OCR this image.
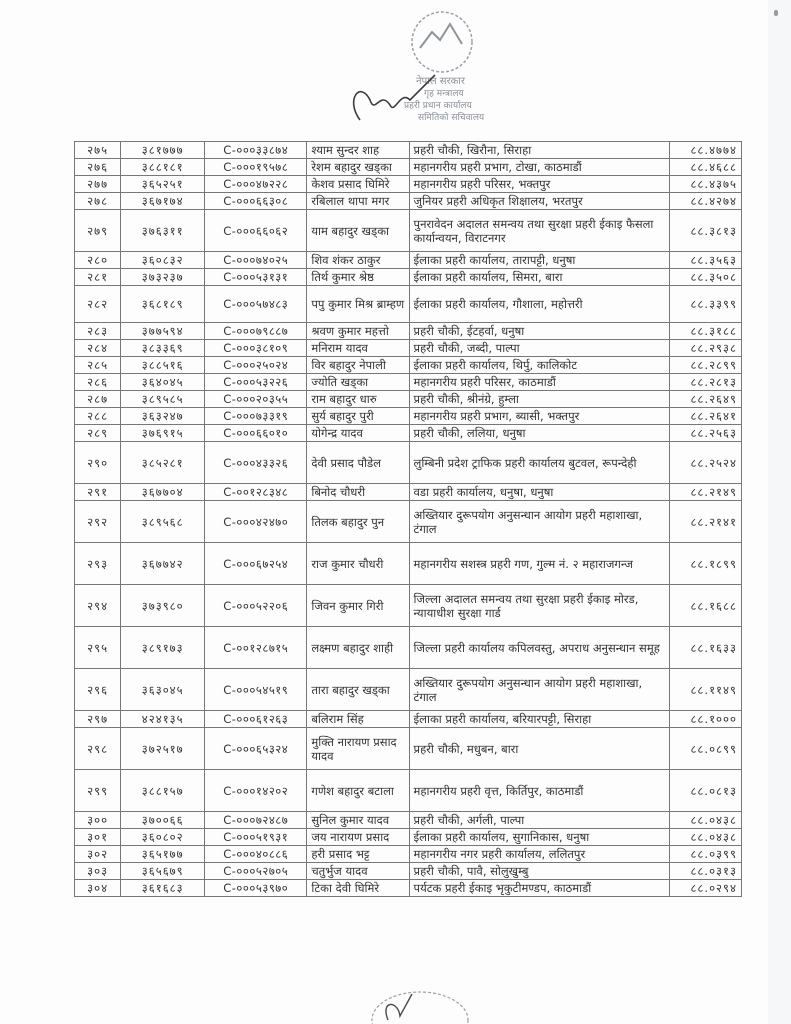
नेपाल सरकार
गृह मन्त्रालय
प्रहरी प्रधान कार्यालय
समितिको सचिवालय
२७५	३८१७७७	C-०००३३८७४	श्याम सुन्दर शाह	प्रहरी चौकी, खिरौना, सिराहा	८८.४७७४
२७६	३८८१८१	C-०००१९५७८	रेशम बहादुर खड्का	महानगरीय प्रहरी प्रभाग, टोखा, काठमाडौं	८८.४६८८
२७७	३६५२५१	C-०००४७२२८	केशव प्रसाद घिमिरे	महानगरीय प्रहरी परिसर, भक्तपुर	८८.४३७५
२७८	३६७१७४	C-०००६६३०८	रबिलाल थापा मगर	जुनियर प्रहरी अधिकृत शिक्षालय, भरतपुर	८८.४२७४
२७९	३७६३११	C-०००६६०६२	याम बहादुर खड्का	पुनरावेदन अदालत समन्वय तथा सुरक्षा प्रहरी ईकाइ फैसला कार्यान्वयन, विराटनगर	८८.३८१३
२८०	३६०८३२	C-०००७४०२५	शिव शंकर ठाकुर	ईलाका प्रहरी कार्यालय, तारापट्टी, धनुषा	८८.३५६३
२८१	३७३२३७	C-०००५३१३१	तिर्थ कुमार श्रेष्ठ	ईलाका प्रहरी कार्यालय, सिमरा, बारा	८८.३५०८
२८२	३६८१८९	C-०००५७४८३	पपु कुमार मिश्र ब्राम्हण	ईलाका प्रहरी कार्यालय, गौशाला, महोत्तरी	८८.३३९९
२८३	३७७५९४	C-०००७९८८७	श्रवण कुमार महत्तो	प्रहरी चौकी, ईटहर्वा, धनुषा	८८.३१८८
२८४	३८३३६९	C-०००३८१०९	मनिराम यादव	प्रहरी चौकी, जब्दी, पाल्पा	८८.२९३८
२८५	३८८५१६	C-०००२५०२४	विर बहादुर नेपाली	ईलाका प्रहरी कार्यालय, थिर्पु, कालिकोट	८८.२८९९
२८६	३६४०४५	C-०००५३२२६	ज्योति खड्का	महानगरीय प्रहरी परिसर, काठमाडौं	८८.२८१३
२८७	३८९५८५	C-०००२०३५५	राम बहादुर धारु	प्रहरी चौकी, श्रीनंग्रे, हुम्ला	८८.२६४९
२८८	३६३२४७	C-०००७३३१९	सुर्य बहादुर पुरी	महानगरीय प्रहरी प्रभाग, ब्यासी, भक्तपुर	८८.२६४१
२८९	३७६९१५	C-०००६६०१०	योगेन्द्र यादव	प्रहरी चौकी, ललिया, धनुषा	८८.२५६३
२९०	३८५२८१	C-०००४३३२६	देवी प्रसाद पौडेल	लुम्बिनी प्रदेश ट्राफिक प्रहरी कार्यालय बुटवल, रूपन्देही	८८.२५२४
२९१	३६७७०४	C-००१२८३४८	बिनोद चौधरी	वडा प्रहरी कार्यालय, धनुषा, धनुषा	८८.२१४९
२९२	३८९५६८	C-०००४२४७०	तिलक बहादुर पुन	अख्तियार दुरूपयोग अनुसन्धान आयोग प्रहरी महाशाखा, टंगाल	८८.२१४१
२९३	३६७७४२	C-०००६७२५४	राज कुमार चौधरी	महानगरीय सशस्त्र प्रहरी गण, गुल्म नं. २ महाराजगन्ज	८८.१८९९
२९४	३७३९८०	C-०००५२२०६	जिवन कुमार गिरी	जिल्ला अदालत समन्वय तथा सुरक्षा प्रहरी ईकाइ मोरड, न्यायाधीश सुरक्षा गार्ड	८८.१६८८
२९५	३८९१७३	C-००१२८७१५	लक्ष्मण बहादुर शाही	जिल्ला प्रहरी कार्यालय कपिलवस्तु, अपराध अनुसन्धान समूह	८८.१६३३
२९६	३६३०४५	C-०००५४५१९	तारा बहादुर खड्का	अख्तियार दुरूपयोग अनुसन्धान आयोग प्रहरी महाशाखा, टंगाल	८८.११४९
२९७	४२४१३५	C-०००६१२६३	बलिराम सिंह	ईलाका प्रहरी कार्यालय, बरियारपट्टी, सिराहा	८८.१०००
२९८	३७२५१७	C-०००६५३२४	मुक्ति नारायण प्रसाद यादव	प्रहरी चौकी, मधुबन, बारा	८८.०८९९
२९९	३८८१५७	C-०००१४२०२	गणेश बहादुर बटाला	महानगरीय प्रहरी वृत्त, किर्तिपुर, काठमाडौं	८८.०८१३
३००	३७००६६	C-०००७२४८७	सुनिल कुमार यादव	प्रहरी चौकी, अर्गली, पाल्पा	८८.०४३८
३०१	३६०८०२	C-०००५१९३१	जय नारायण प्रसाद	ईलाका प्रहरी कार्यालय, सुगानिकास, धनुषा	८८.०४३८
३०२	३६५१७७	C-०००४०८८६	हरी प्रसाद भट्ट	महानगरीय नगर प्रहरी कार्यालय, ललितपुर	८८.०३९९
३०३	३६५६७९	C-०००५२७०५	चतुर्भुज यादव	प्रहरी चौकी, पावै, सोलुखुम्बु	८८.०३१३
३०४	३६१६८३	C-०००५३९७०	टिका देवी घिमिरे	पर्यटक प्रहरी ईकाइ भृकुटीमण्डप, काठमाडौं	८८.०२९४
